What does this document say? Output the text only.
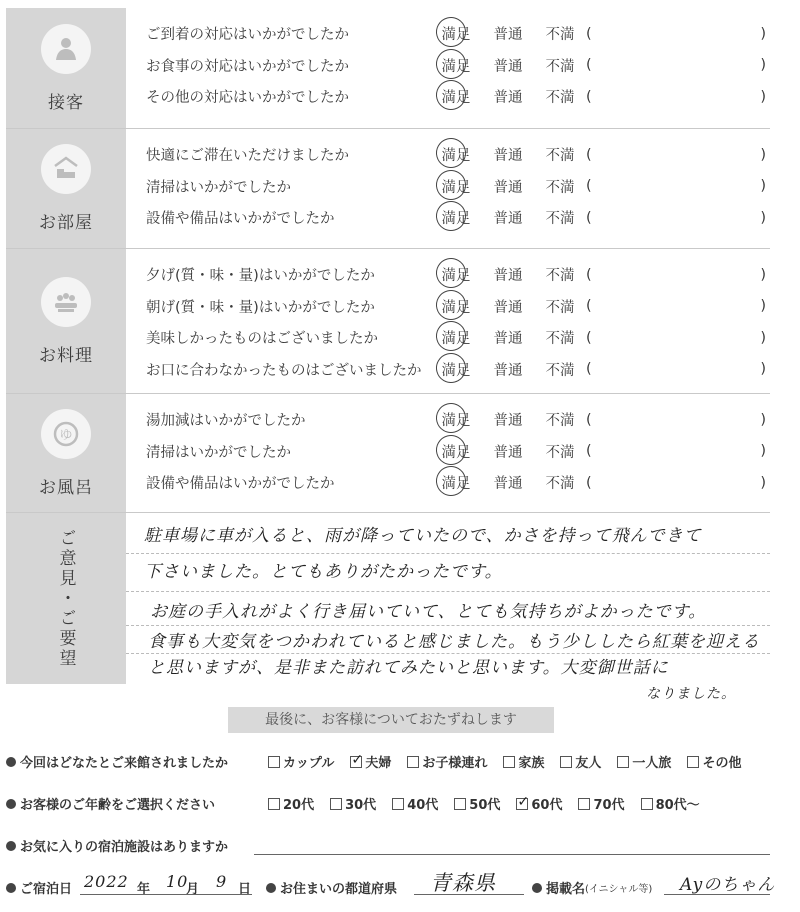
接客
ご到着の対応はいかがでしたか	満足	普通	不満 (	)
お食事の対応はいかがでしたか	満足	普通	不満 (	)
その他の対応はいかがでしたか	満足	普通	不満 (	)
お部屋
快適にご滞在いただけましたか	満足	普通	不満 (	)
清掃はいかがでしたか	満足	普通	不満 (	)
設備や備品はいかがでしたか	満足	普通	不満 (	)
お料理
夕げ(質・味・量)はいかがでしたか	満足	普通	不満 (	)
朝げ(質・味・量)はいかがでしたか	満足	普通	不満 (	)
美味しかったものはございましたか	満足	普通	不満 (	)
お口に合わなかったものはございましたか	満足	普通	不満 (	)
ゆ
お風呂
湯加減はいかがでしたか	満足	普通	不満 (	)
清掃はいかがでしたか	満足	普通	不満 (	)
設備や備品はいかがでしたか	満足	普通	不満 (	)
ご意見・ご要望	駐車場に車が入ると、雨が降っていたので、かさを持って飛んできて
下さいました。とてもありがたかったです。
お庭の手入れがよく行き届いていて、とても気持ちがよかったです。
食事も大変気をつかわれていると感じました。もう少ししたら紅葉を迎える
と思いますが、是非また訪れてみたいと思います。大変御世話に
なりました。
最後に、お客様についておたずねします
今回はどなたとご来館されましたか	カップル ✓ 夫婦 お子様連れ 家族 友人 一人旅 その他
お客様のご年齢をご選択ください	20代 30代 40代 50代 ✓ 60代 70代 80代〜
お気に入りの宿泊施設はありますか
ご宿泊日 2022 年 10
月 9 日 お住まいの都道府県 青森県	掲載名 (イニシャル等) Ayのちゃん
